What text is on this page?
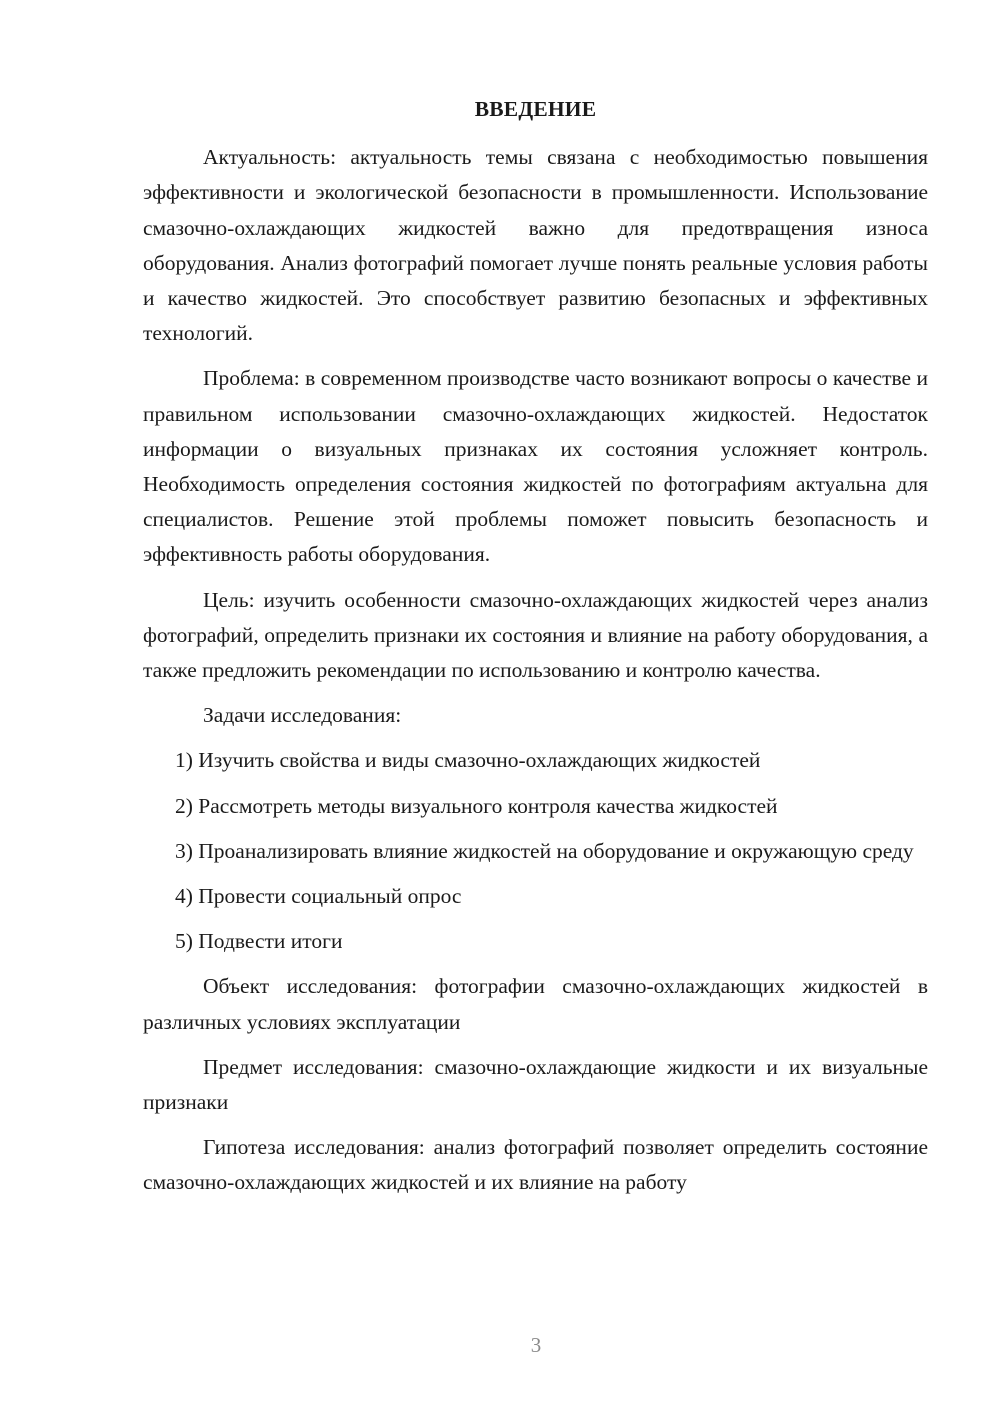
ВВЕДЕНИЕ

Актуальность: актуальность темы связана с необходимостью повышения эффективности и экологической безопасности в промышленности. Использование смазочно-охлаждающих жидкостей важно для предотвращения износа оборудования. Анализ фотографий помогает лучше понять реальные условия работы и качество жидкостей. Это способствует развитию безопасных и эффективных технологий.

Проблема: в современном производстве часто возникают вопросы о качестве и правильном использовании смазочно-охлаждающих жидкостей. Недостаток информации о визуальных признаках их состояния усложняет контроль. Необходимость определения состояния жидкостей по фотографиям актуальна для специалистов. Решение этой проблемы поможет повысить безопасность и эффективность работы оборудования.

Цель: изучить особенности смазочно-охлаждающих жидкостей через анализ фотографий, определить признаки их состояния и влияние на работу оборудования, а также предложить рекомендации по использованию и контролю качества.

Задачи исследования:

1) Изучить свойства и виды смазочно-охлаждающих жидкостей

2) Рассмотреть методы визуального контроля качества жидкостей

3) Проанализировать влияние жидкостей на оборудование и окружающую среду

4) Провести социальный опрос

5) Подвести итоги

Объект исследования: фотографии смазочно-охлаждающих жидкостей в различных условиях эксплуатации

Предмет исследования: смазочно-охлаждающие жидкости и их визуальные признаки

Гипотеза исследования: анализ фотографий позволяет определить состояние смазочно-охлаждающих жидкостей и их влияние на работу

3
